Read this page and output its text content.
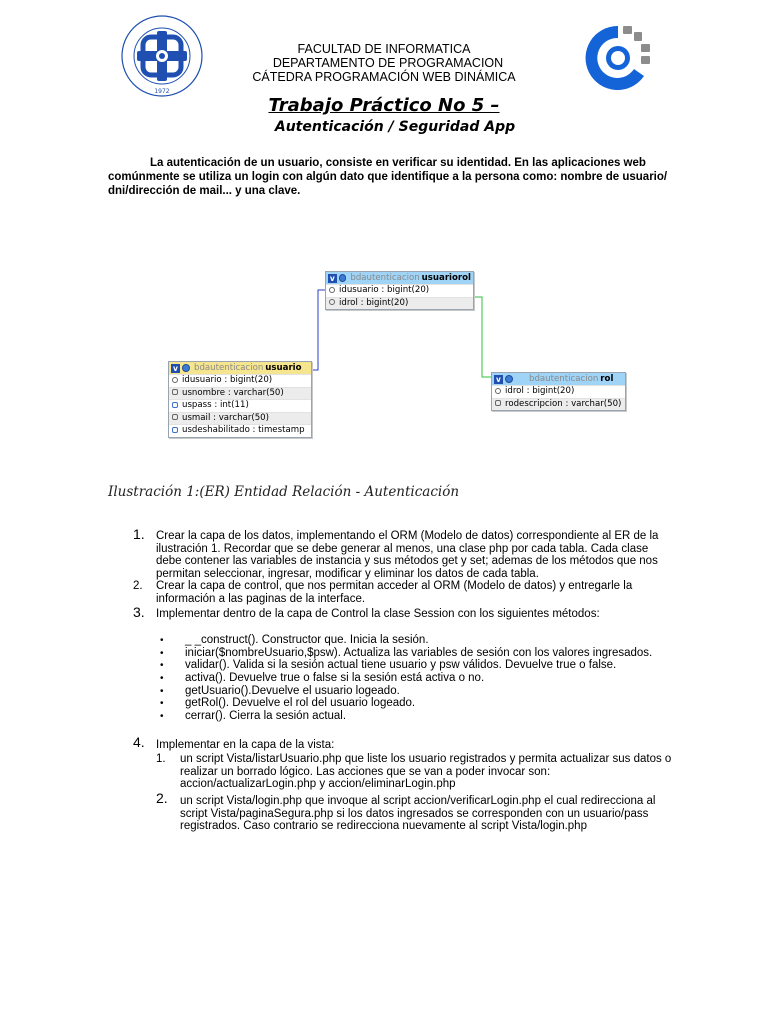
1972
FACULTAD DE INFORMATICA
DEPARTAMENTO DE PROGRAMACION
CÁTEDRA PROGRAMACIÓN WEB DINÁMICA
Trabajo Práctico No 5 –
Autenticación / Seguridad App
La autenticación de un usuario, consiste en verificar su identidad. En las aplicaciones web comúnmente se utiliza un login con algún dato que identifique a la persona como: nombre de usuario/ dni/dirección de mail... y una clave.
v bdautenticacion usuariorol
idusuario : bigint(20)
idrol : bigint(20)
v bdautenticacion usuario
idusuario : bigint(20)
usnombre : varchar(50)
uspass : int(11)
usmail : varchar(50)
usdeshabilitado : timestamp
v	bdautenticacion rol
idrol : bigint(20)
rodescripcion : varchar(50)
Ilustración 1:(ER) Entidad Relación - Autenticación
1. Crear la capa de los datos, implementando el ORM (Modelo de datos) correspondiente al ER de la
ilustración 1. Recordar que se debe generar al menos, una clase php por cada tabla. Cada clase
debe contener las variables de instancia y sus métodos get y set; ademas de los métodos que nos
permitan seleccionar, ingresar, modificar y eliminar los datos de cada tabla.
2. Crear la capa de control, que nos permitan acceder al ORM (Modelo de datos) y entregarle la
información a las paginas de la interface.
3. Implementar dentro de la capa de Control la clase Session con los siguientes métodos:
• _ _construct(). Constructor que. Inicia la sesión.
• iniciar($nombreUsuario,$psw). Actualiza las variables de sesión con los valores ingresados.
• validar(). Valida si la sesión actual tiene usuario y psw válidos. Devuelve true o false.
• activa(). Devuelve true o false si la sesión está activa o no.
• getUsuario().Devuelve el usuario logeado.
• getRol(). Devuelve el rol del usuario logeado.
• cerrar(). Cierra la sesión actual.
4. Implementar en la capa de la vista:
1. un script Vista/listarUsuario.php que liste los usuario registrados y permita actualizar sus datos o
realizar un borrado lógico. Las acciones que se van a poder invocar son:
accion/actualizarLogin.php y accion/eliminarLogin.php
2. un script Vista/login.php que invoque al script accion/verificarLogin.php el cual redirecciona al
script Vista/paginaSegura.php si los datos ingresados se corresponden con un usuario/pass
registrados. Caso contrario se redirecciona nuevamente al script Vista/login.php
